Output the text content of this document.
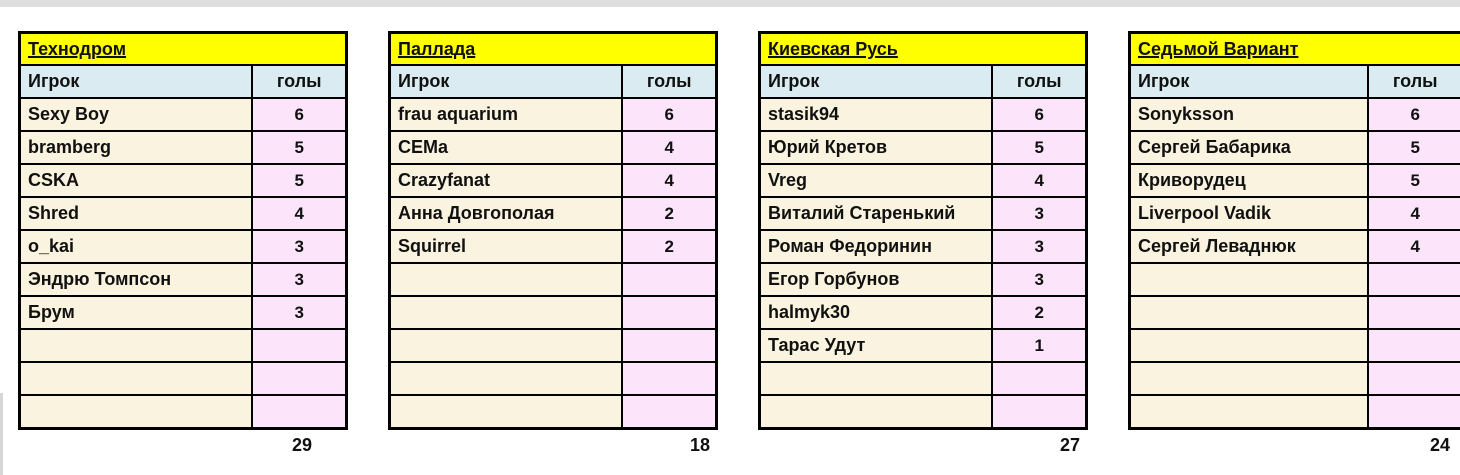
Технодром	
Игрок	голы
Sexy Boy	6
bramberg	5
CSKA	5
Shred	4
o_kai	3
Эндрю Томпсон	3
Брум	3

29
Паллада	
Игрок	голы
frau aquarium	6
CEMa	4
Crazyfanat	4
Анна Довгополая	2
Squirrel	2

18
Киевская Русь	
Игрок	голы
stasik94	6
Юрий Кретов	5
Vreg	4
Виталий Старенький	3
Роман Федоринин	3
Егор Горбунов	3
halmyk30	2
Тарас Удут	1

27
Седьмой Вариант	
Игрок	голы
Sonyksson	6
Сергей Бабарика	5
Криворудец	5
Liverpool Vadik	4
Сергей Леваднюк	4

24
